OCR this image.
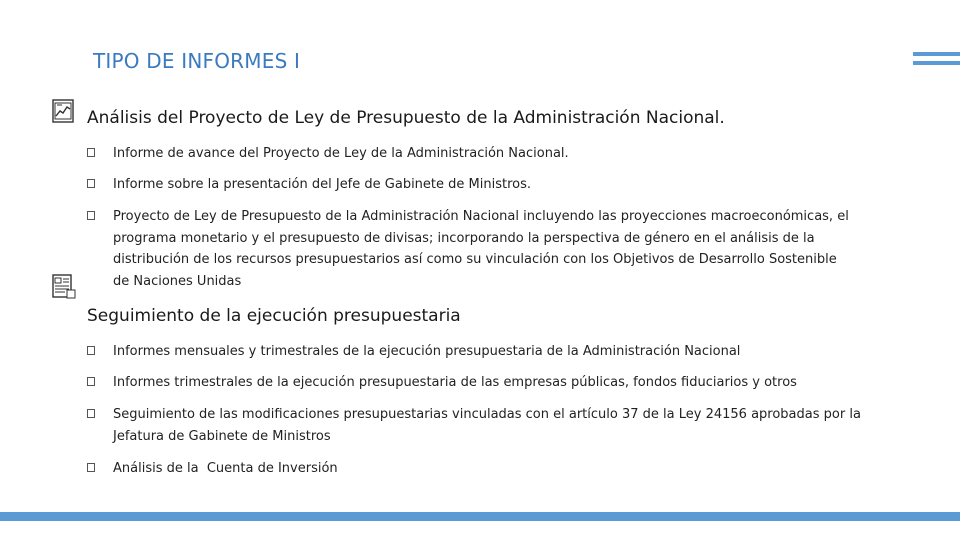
TIPO DE INFORMES I
Análisis del Proyecto de Ley de Presupuesto de la Administración Nacional.
Informe de avance del Proyecto de Ley de la Administración Nacional.
Informe sobre la presentación del Jefe de Gabinete de Ministros.
Proyecto de Ley de Presupuesto de la Administración Nacional incluyendo las proyecciones macroeconómicas, el programa monetario y el presupuesto de divisas; incorporando la perspectiva de género en el análisis de la distribución de los recursos presupuestarios así como su vinculación con los Objetivos de Desarrollo Sostenible de Naciones Unidas
Seguimiento de la ejecución presupuestaria
Informes mensuales y trimestrales de la ejecución presupuestaria de la Administración Nacional
Informes trimestrales de la ejecución presupuestaria de las empresas públicas, fondos fiduciarios y otros
Seguimiento de las modificaciones presupuestarias vinculadas con el artículo 37 de la Ley 24156 aprobadas por la Jefatura de Gabinete de Ministros
Análisis de la  Cuenta de Inversión
